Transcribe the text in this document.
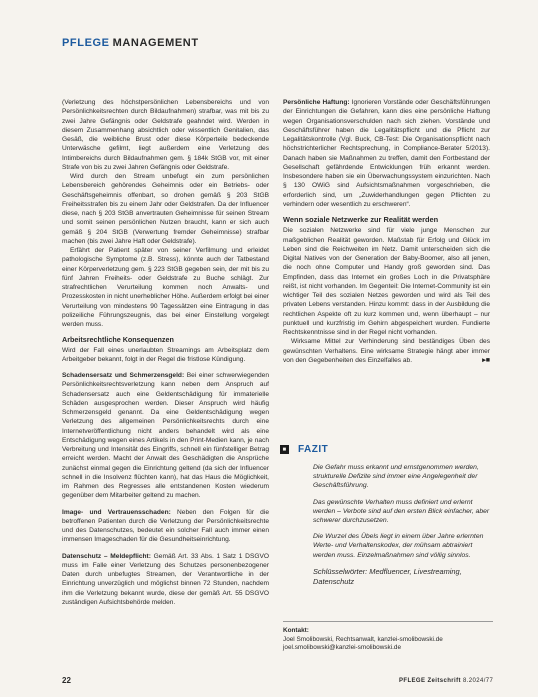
PFLEGE MANAGEMENT

(Verletzung des höchstpersönlichen Lebensbereichs und von Persönlichkeitsrechten durch Bildaufnahmen) strafbar, was mit bis zu zwei Jahre Gefängnis oder Geldstrafe geahndet wird. Werden in diesem Zusammenhang absichtlich oder wissentlich Genitalien, das Gesäß, die weibliche Brust oder diese Körperteile bedeckende Unterwäsche gefilmt, liegt außerdem eine Verletzung des Intimbereichs durch Bildaufnahmen gem. § 184k StGB vor, mit einer Strafe von bis zu zwei Jahren Gefängnis oder Geldstrafe.

Wird durch den Stream unbefugt ein zum persönlichen Lebensbereich gehörendes Geheimnis oder ein Betriebs- oder Geschäftsgeheimnis offenbart, so drohen gemäß § 203 StGB Freiheitsstrafen bis zu einem Jahr oder Geldstrafen. Da der Influencer diese, nach § 203 StGB anvertrauten Geheimnisse für seinen Stream und somit seinen persönlichen Nutzen braucht, kann er sich auch gemäß § 204 StGB (Verwertung fremder Geheimnisse) strafbar machen (bis zwei Jahre Haft oder Geldstrafe).

Erfährt der Patient später von seiner Verfilmung und erleidet pathologische Symptome (z.B. Stress), könnte auch der Tatbestand einer Körperverletzung gem. § 223 StGB gegeben sein, der mit bis zu fünf Jahren Freiheits- oder Geldstrafe zu Buche schlägt. Zur strafrechtlichen Verurteilung kommen noch Anwalts- und Prozesskosten in nicht unerheblicher Höhe. Außerdem erfolgt bei einer Verurteilung von mindestens 90 Tagessätzen eine Eintragung in das polizeiliche Führungszeugnis, das bei einer Einstellung vorgelegt werden muss.

Arbeitsrechtliche Konsequenzen

Wird der Fall eines unerlaubten Streamings am Arbeitsplatz dem Arbeitgeber bekannt, folgt in der Regel die fristlose Kündigung.

Schadensersatz und Schmerzensgeld: Bei einer schwerwiegenden Persönlichkeitsrechtsverletzung kann neben dem Anspruch auf Schadensersatz auch eine Geldentschädigung für immaterielle Schäden ausgesprochen werden. Dieser Anspruch wird häufig Schmerzensgeld genannt. Da eine Geldentschädigung wegen Verletzung des allgemeinen Persönlichkeitsrechts durch eine Internetveröffentlichung nicht anders behandelt wird als eine Entschädigung wegen eines Artikels in den Print-Medien kann, je nach Verbreitung und Intensität des Eingriffs, schnell ein fünfstelliger Betrag erreicht werden. Macht der Anwalt des Geschädigten die Ansprüche zunächst einmal gegen die Einrichtung geltend (da sich der Influencer schnell in die Insolvenz flüchten kann), hat das Haus die Möglichkeit, im Rahmen des Regresses alle entstandenen Kosten wiederum gegenüber dem Mitarbeiter geltend zu machen.

Image- und Vertrauensschaden: Neben den Folgen für die betroffenen Patienten durch die Verletzung der Persönlichkeitsrechte und des Datenschutzes, bedeutet ein solcher Fall auch immer einen immensen Imageschaden für die Gesundheitseinrichtung.

Datenschutz – Meldepflicht: Gemäß Art. 33 Abs. 1 Satz 1 DSGVO muss im Falle einer Verletzung des Schutzes personenbezogener Daten durch unbefugtes Streamen, der Verantwortliche in der Einrichtung unverzüglich und möglichst binnen 72 Stunden, nachdem ihm die Verletzung bekannt wurde, diese der gemäß Art. 55 DSGVO zuständigen Aufsichtsbehörde melden.

Persönliche Haftung: Ignorieren Vorstände oder Geschäftsführungen der Einrichtungen die Gefahren, kann dies eine persönliche Haftung wegen Organisationsverschulden nach sich ziehen. Vorstände und Geschäftsführer haben die Legalitätspflicht und die Pflicht zur Legalitätskontrolle (Vgl. Buck, CB-Test: Die Organisationspflicht nach höchstrichterlicher Rechtsprechung, in Compliance-Berater 5/2013). Danach haben sie Maßnahmen zu treffen, damit den Fortbestand der Gesellschaft gefährdende Entwicklungen früh erkannt werden. Insbesondere haben sie ein Überwachungssystem einzurichten. Nach § 130 OWiG sind Aufsichtsmaßnahmen vorgeschrieben, die erforderlich sind, um „Zuwiderhandlungen gegen Pflichten zu verhindern oder wesentlich zu erschweren“.

Wenn soziale Netzwerke zur Realität werden

Die sozialen Netzwerke sind für viele junge Menschen zur maßgeblichen Realität geworden. Maßstab für Erfolg und Glück im Leben sind die Reichweiten im Netz. Damit unterscheiden sich die Digital Natives von der Generation der Baby-Boomer, also all jenen, die noch ohne Computer und Handy groß geworden sind. Das Empfinden, dass das Internet ein großes Loch in die Privatsphäre reißt, ist nicht vorhanden. Im Gegenteil: Die Internet-Community ist ein wichtiger Teil des sozialen Netzes geworden und wird als Teil des privaten Lebens verstanden. Hinzu kommt: dass in der Ausbildung die rechtlichen Aspekte oft zu kurz kommen und, wenn überhaupt – nur punktuell und kurzfristig im Gehirn abgespeichert wurden. Fundierte Rechtskenntnisse sind in der Regel nicht vorhanden.

Wirksame Mittel zur Verhinderung sind beständiges Üben des gewünschten Verhaltens. Eine wirksame Strategie hängt aber immer von den Gegebenheiten des Einzelfalles ab.	▸■

■ FAZIT

Die Gefahr muss erkannt und ernstgenommen werden, strukturelle Defizite sind immer eine Angelegenheit der Geschäftsführung.

Das gewünschte Verhalten muss definiert und erlernt werden – Verbote sind auf den ersten Blick einfacher, aber schwerer durchzusetzen.

Die Wurzel des Übels liegt in einem über Jahre erlernten Werte- und Verhaltenskodex, der mühsam abtrainiert werden muss. Einzelmaßnahmen sind völlig sinnlos.

Schlüsselwörter: Medfluencer, Livestreaming, Datenschutz
Kontakt:
Joel Smolibowski, Rechtsanwalt, kanzlei-smolibowski.de
joel.smolibowski@kanzlei-smolibowski.de
22	PFLEGE Zeitschrift 8.2024/77
